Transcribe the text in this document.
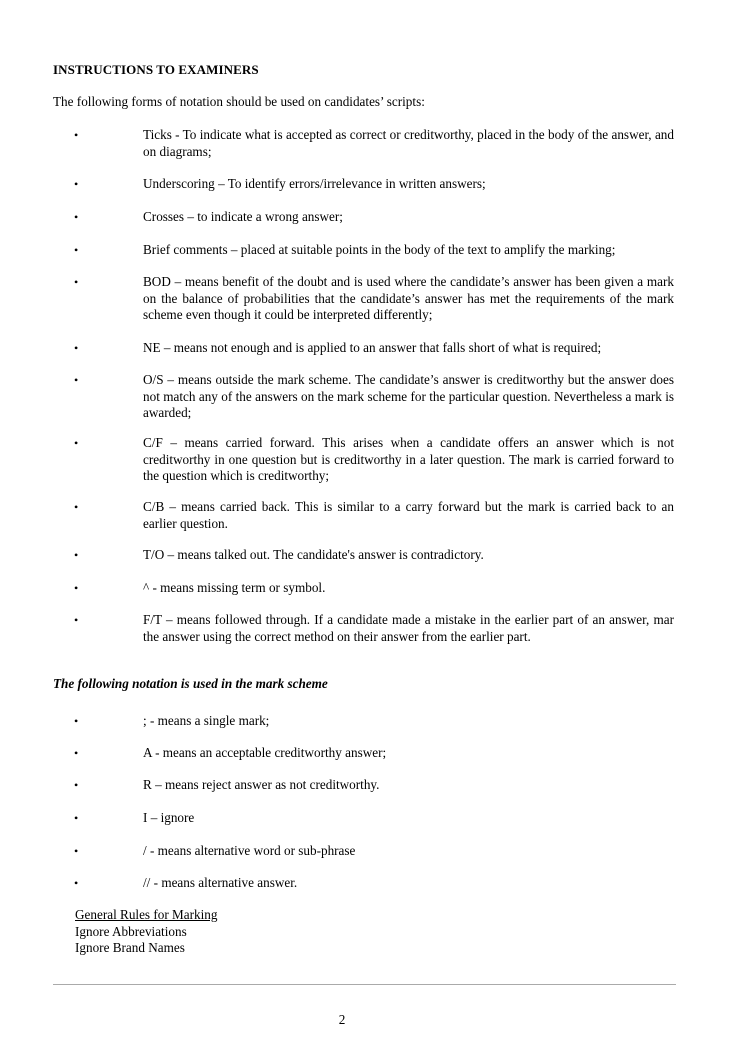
INSTRUCTIONS TO EXAMINERS
The following forms of notation should be used on candidates’ scripts:
•	Ticks - To indicate what is accepted as correct or creditworthy, placed in the body of the answer, and on diagrams;
•	Underscoring – To identify errors/irrelevance in written answers;
•	Crosses – to indicate a wrong answer;
•	Brief comments – placed at suitable points in the body of the text to amplify the marking;
•	BOD – means benefit of the doubt and is used where the candidate’s answer has been given a mark on the balance of probabilities that the candidate’s answer has met the requirements of the mark scheme even though it could be interpreted differently;
•	NE – means not enough and is applied to an answer that falls short of what is required;
•	O/S – means outside the mark scheme. The candidate’s answer is creditworthy but the answer does not match any of the answers on the mark scheme for the particular question. Nevertheless a mark is awarded;
•	C/F – means carried forward. This arises when a candidate offers an answer which is not creditworthy in one question but is creditworthy in a later question. The mark is carried forward to the question which is creditworthy;
•	C/B – means carried back. This is similar to a carry forward but the mark is carried back to an earlier question.
•	T/O – means talked out. The candidate's answer is contradictory.
•	^ - means missing term or symbol.
•	F/T – means followed through. If a candidate made a mistake in the earlier part of an answer, mar the answer using the correct method on their answer from the earlier part.
The following notation is used in the mark scheme
•	; - means a single mark;
•	A - means an acceptable creditworthy answer;
•	R – means reject answer as not creditworthy.
•	I – ignore
•	/ - means alternative word or sub-phrase
•	// - means alternative answer.
General Rules for Marking
Ignore Abbreviations
Ignore Brand Names
2
